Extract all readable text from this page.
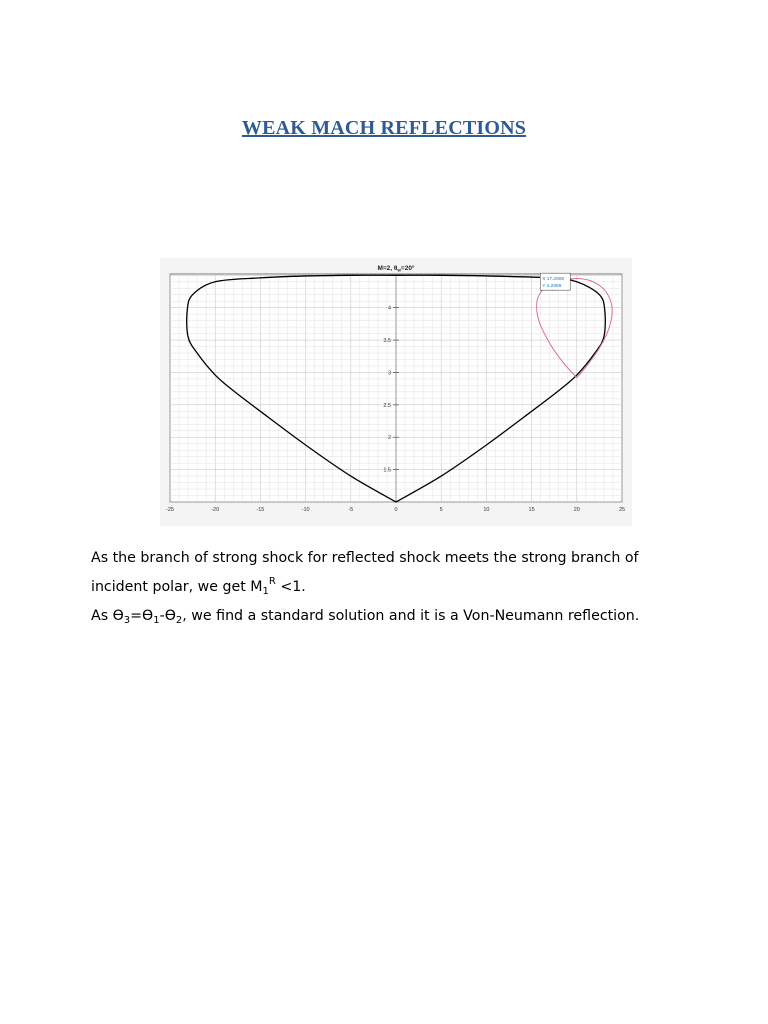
WEAK MACH REFLECTIONS
-25	-20	-15	-10	-5	0	5	10	15	20	25
1.5
2
2.5
3
3.5
4
X 17.2808
Y 4.2859
M=2, $\theta_w=20^\circ$

As the branch of strong shock for reflected shock meets the strong branch of
incident polar, we get $M_1^R <1$.

As $ϴ_3=ϴ_1-ϴ_2$, we find a standard solution and it is a Von-Neumann reflection.
